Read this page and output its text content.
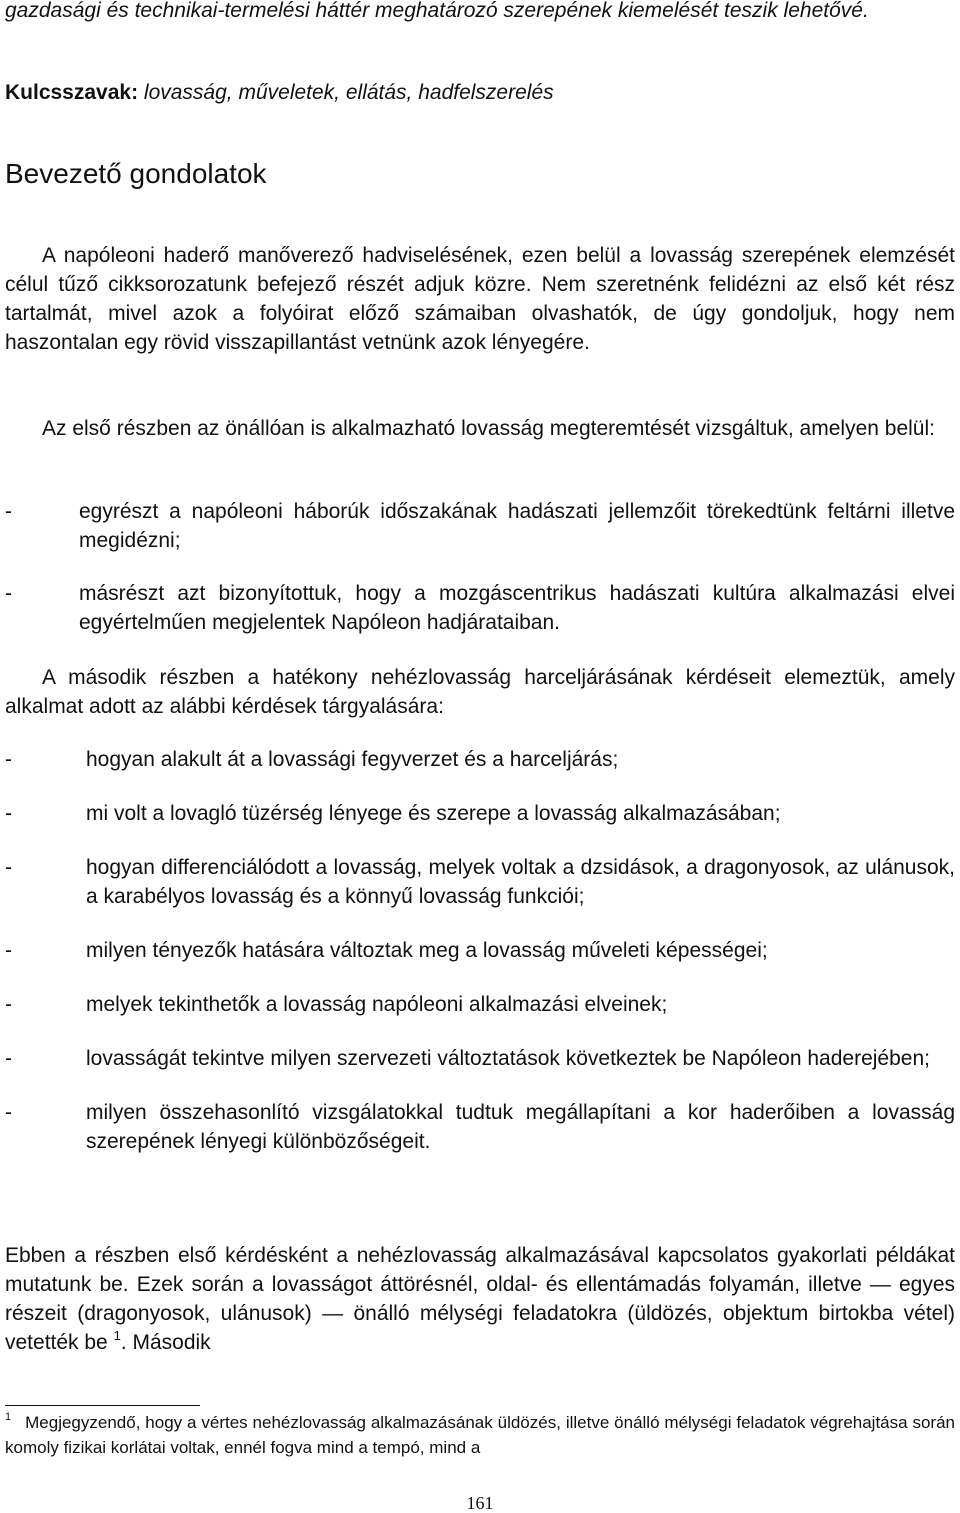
gazdasági és technikai-termelési háttér meghatározó szerepének kiemelését teszik lehetővé.

Kulcsszavak: lovasság, műveletek, ellátás, hadfelszerelés

Bevezető gondolatok

A napóleoni haderő manőverező hadviselésének, ezen belül a lovasság szerepének elemzését célul tűző cikksorozatunk befejező részét adjuk közre. Nem szeretnénk felidézni az első két rész tartalmát, mivel azok a folyóirat előző számaiban olvashatók, de úgy gondoljuk, hogy nem haszontalan egy rövid visszapillantást vetnünk azok lényegére.

Az első részben az önállóan is alkalmazható lovasság megteremtését vizsgáltuk, amelyen belül:

-	egyrészt a napóleoni háborúk időszakának hadászati jellemzőit törekedtünk feltárni illetve megidézni;
-	másrészt azt bizonyítottuk, hogy a mozgáscentrikus hadászati kultúra alkalmazási elvei egyértelműen megjelentek Napóleon hadjárataiban.

A második részben a hatékony nehézlovasság harceljárásának kérdéseit elemeztük, amely alkalmat adott az alábbi kérdések tárgyalására:

-	hogyan alakult át a lovassági fegyverzet és a harceljárás;
-	mi volt a lovagló tüzérség lényege és szerepe a lovasság alkalmazásában;
-	hogyan differenciálódott a lovasság, melyek voltak a dzsidások, a dragonyosok, az ulánusok, a karabélyos lovasság és a könnyű lovasság funkciói;
-	milyen tényezők hatására változtak meg a lovasság műveleti képességei;
-	melyek tekinthetők a lovasság napóleoni alkalmazási elveinek;
-	lovasságát tekintve milyen szervezeti változtatások következtek be Napóleon haderejében;
-	milyen összehasonlító vizsgálatokkal tudtuk megállapítani a kor haderőiben a lovasság szerepének lényegi különbözőségeit.

Ebben a részben első kérdésként a nehézlovasság alkalmazásával kapcsolatos gyakorlati példákat mutatunk be. Ezek során a lovasságot áttörésnél, oldal- és ellentámadás folyamán, illetve — egyes részeit (dragonyosok, ulánusok) — önálló mélységi feladatokra (üldözés, objektum birtokba vétel) vetették be $^1$. Második

$^1$ Megjegyzendő, hogy a vértes nehézlovasság alkalmazásának üldözés, illetve önálló mélységi feladatok végrehajtása során komoly fizikai korlátai voltak, ennél fogva mind a tempó, mind a

161
